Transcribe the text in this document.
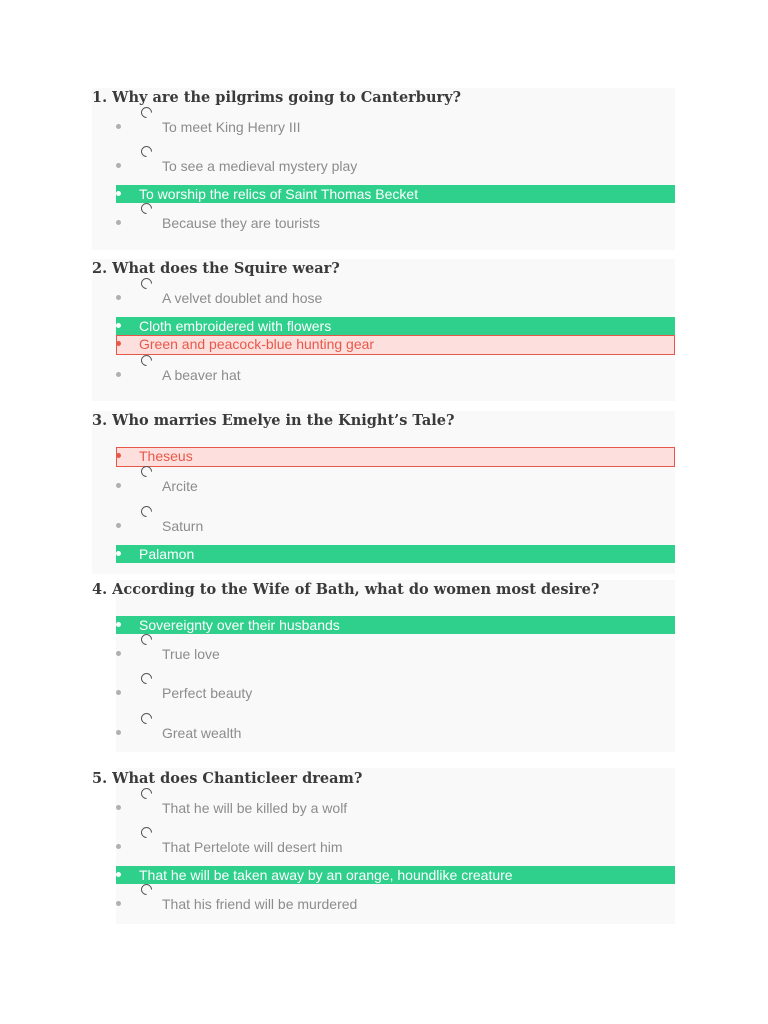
1. Why are the pilgrims going to Canterbury?
To meet King Henry III
To see a medieval mystery play
To worship the relics of Saint Thomas Becket
Because they are tourists
2. What does the Squire wear?
A velvet doublet and hose
Cloth embroidered with flowers
Green and peacock-blue hunting gear
A beaver hat
3. Who marries Emelye in the Knight’s Tale?
Theseus
Arcite
Saturn
Palamon
4. According to the Wife of Bath, what do women most desire?
Sovereignty over their husbands
True love
Perfect beauty
Great wealth
5. What does Chanticleer dream?
That he will be killed by a wolf
That Pertelote will desert him
That he will be taken away by an orange, houndlike creature
That his friend will be murdered
